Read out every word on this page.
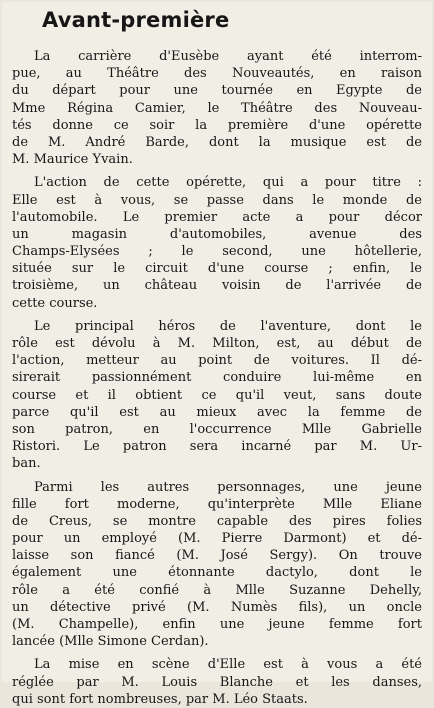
Avant-première
La carrière d'Eusèbe ayant été interrom-
pue, au Théâtre des Nouveautés, en raison
du départ pour une tournée en Egypte de
Mme Régina Camier, le Théâtre des Nouveau-
tés donne ce soir la première d'une opérette
de M. André Barde, dont la musique est de
M. Maurice Yvain.
L'action de cette opérette, qui a pour titre :
Elle est à vous, se passe dans le monde de
l'automobile. Le premier acte a pour décor
un magasin d'automobiles, avenue des
Champs-Elysées ; le second, une hôtellerie,
située sur le circuit d'une course ; enfin, le
troisième, un château voisin de l'arrivée de
cette course.
Le principal héros de l'aventure, dont le
rôle est dévolu à M. Milton, est, au début de
l'action, metteur au point de voitures. Il dé-
sirerait passionnément conduire lui-même en
course et il obtient ce qu'il veut, sans doute
parce qu'il est au mieux avec la femme de
son patron, en l'occurrence Mlle Gabrielle
Ristori. Le patron sera incarné par M. Ur-
ban.
Parmi les autres personnages, une jeune
fille fort moderne, qu'interprète Mlle Eliane
de Creus, se montre capable des pires folies
pour un employé (M. Pierre Darmont) et dé-
laisse son fiancé (M. José Sergy). On trouve
également une étonnante dactylo, dont le
rôle a été confié à Mlle Suzanne Dehelly,
un détective privé (M. Numès fils), un oncle
(M. Champelle), enfin une jeune femme fort
lancée (Mlle Simone Cerdan).
La mise en scène d'Elle est à vous a été
réglée par M. Louis Blanche et les danses,
qui sont fort nombreuses, par M. Léo Staats.
